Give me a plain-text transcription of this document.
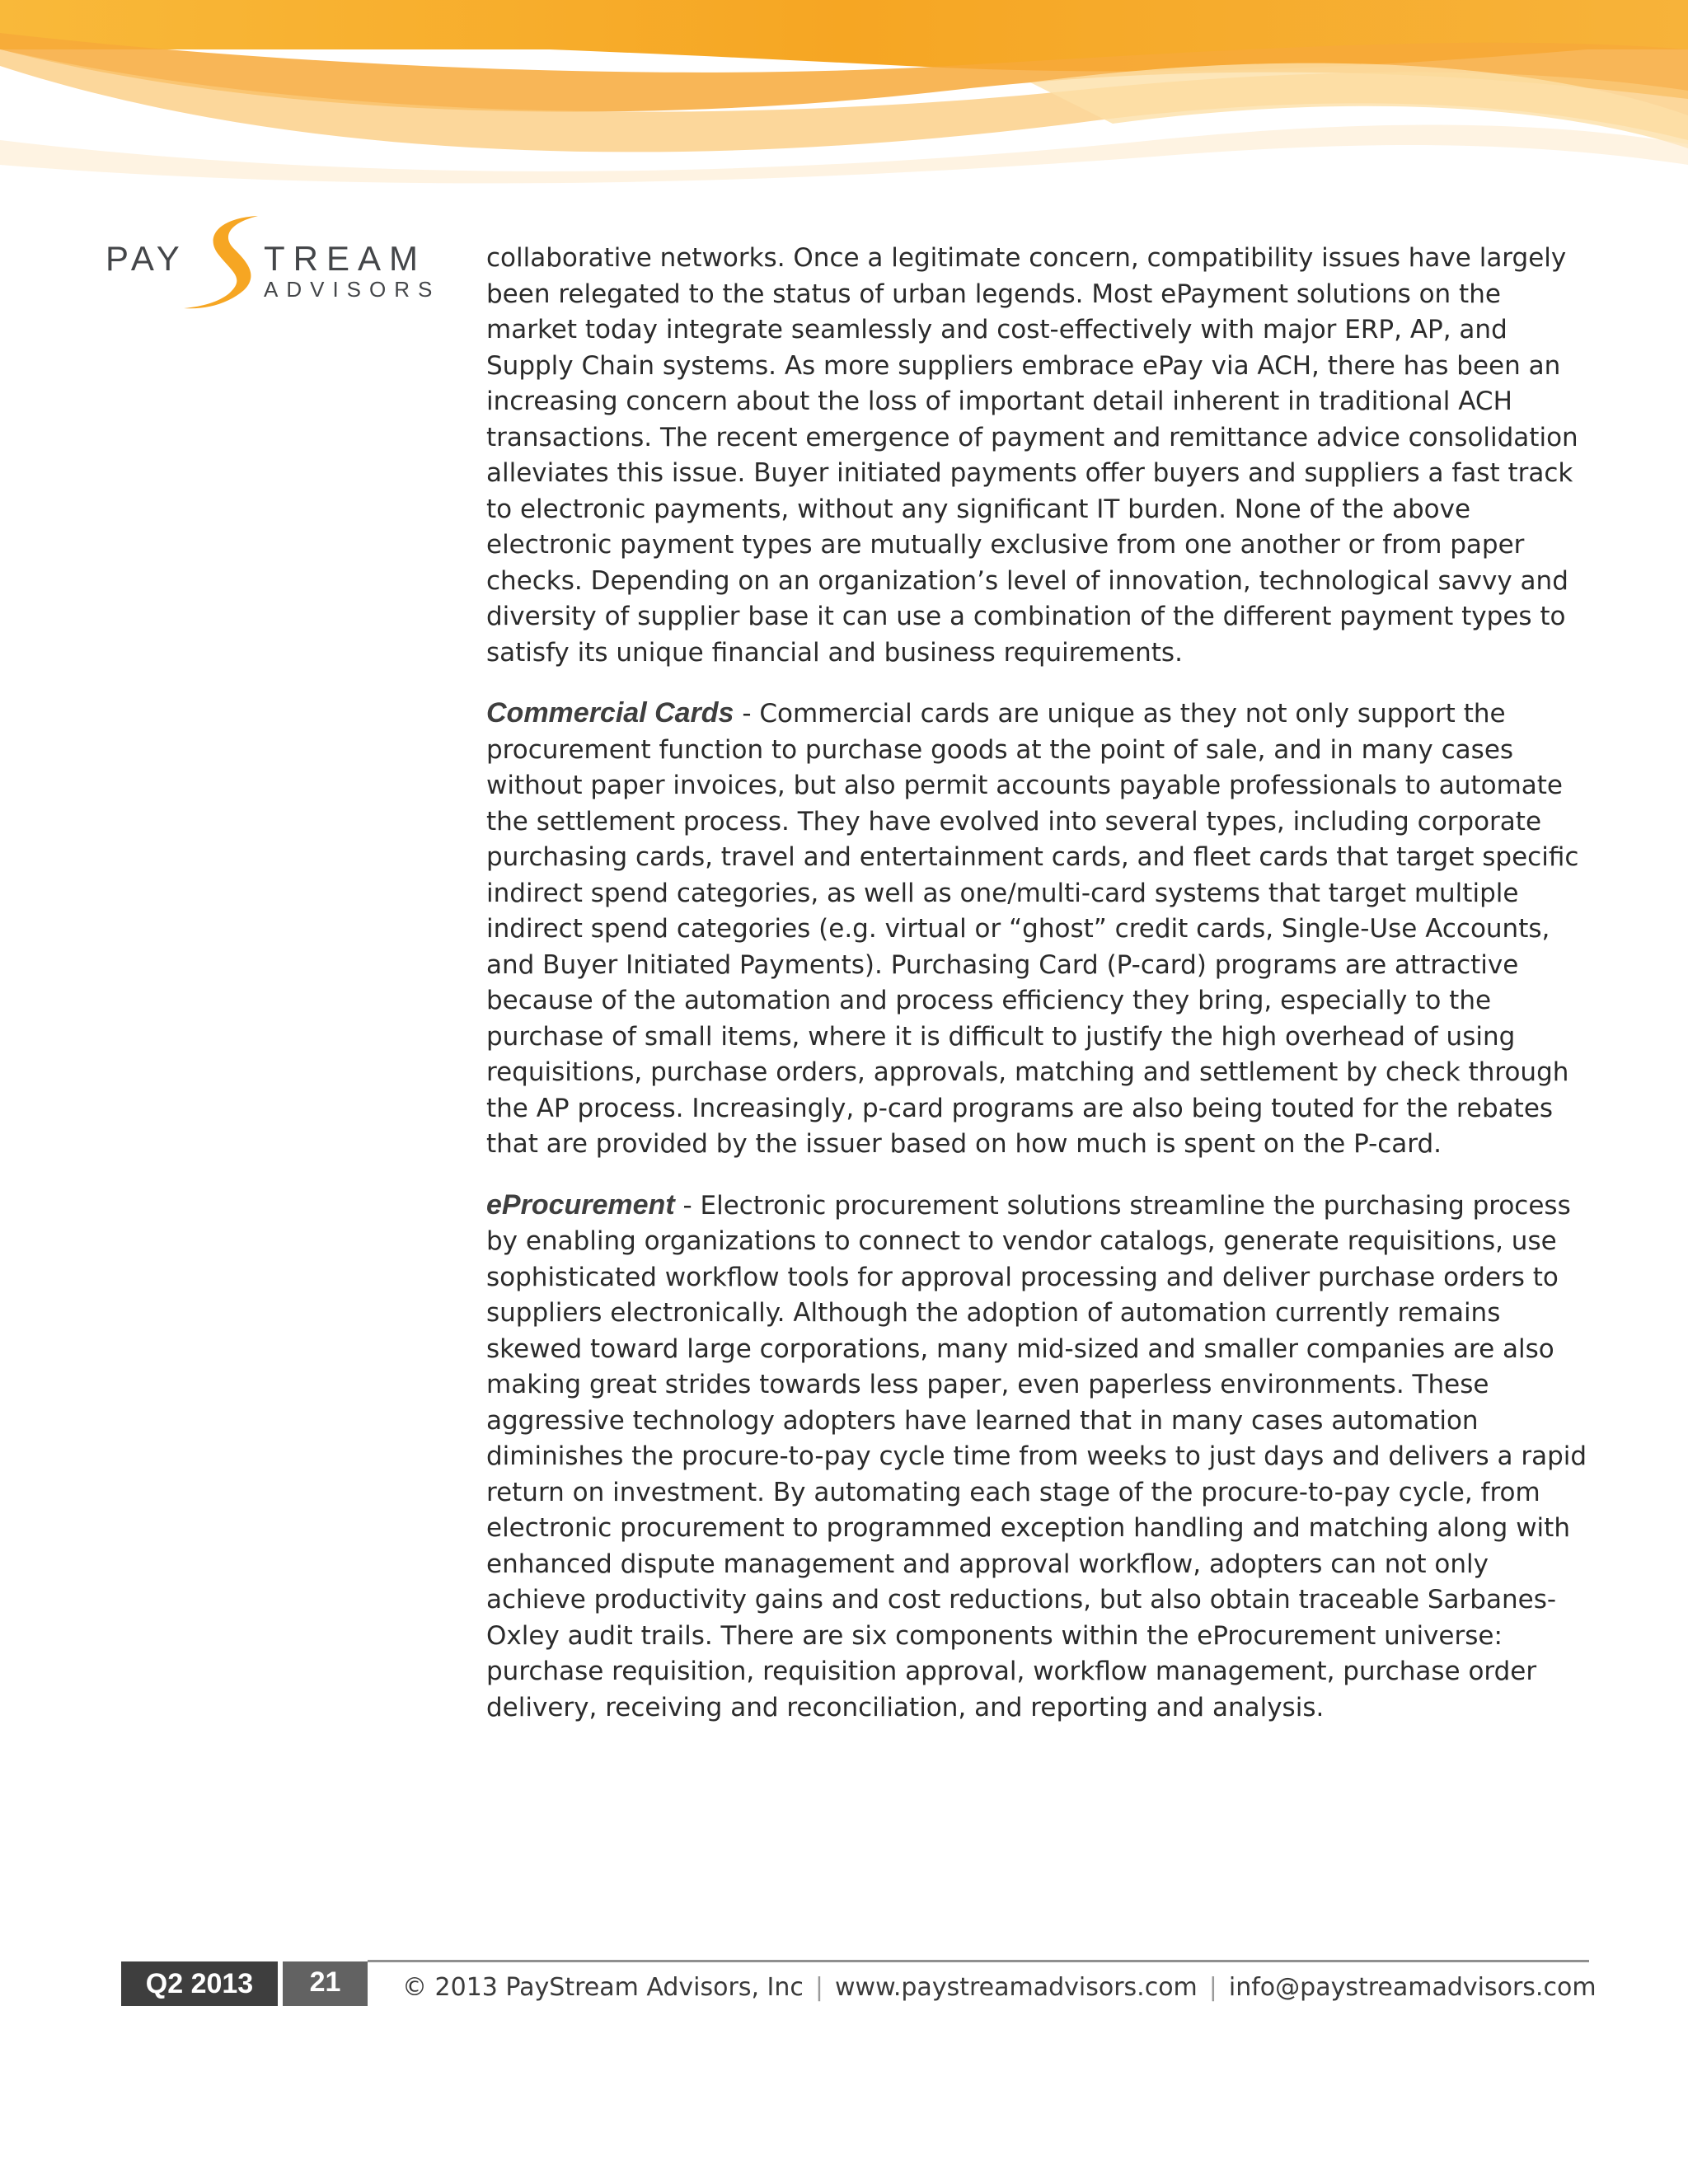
PAY TREAM
ADVISORS

collaborative networks. Once a legitimate concern, compatibility issues have largely been relegated to the status of urban legends. Most ePayment solutions on the market today integrate seamlessly and cost-effectively with major ERP, AP, and Supply Chain systems. As more suppliers embrace ePay via ACH, there has been an increasing concern about the loss of important detail inherent in traditional ACH transactions. The recent emergence of payment and remittance advice consolidation alleviates this issue. Buyer initiated payments offer buyers and suppliers a fast track to electronic payments, without any significant IT burden. None of the above electronic payment types are mutually exclusive from one another or from paper checks. Depending on an organization’s level of innovation, technological savvy and diversity of supplier base it can use a combination of the different payment types to satisfy its unique financial and business requirements.

Commercial Cards - Commercial cards are unique as they not only support the procurement function to purchase goods at the point of sale, and in many cases without paper invoices, but also permit accounts payable professionals to automate the settlement process. They have evolved into several types, including corporate purchasing cards, travel and entertainment cards, and fleet cards that target specific indirect spend categories, as well as one/multi-card systems that target multiple indirect spend categories (e.g. virtual or “ghost” credit cards, Single-Use Accounts, and Buyer Initiated Payments). Purchasing Card (P-card) programs are attractive because of the automation and process efficiency they bring, especially to the purchase of small items, where it is difficult to justify the high overhead of using requisitions, purchase orders, approvals, matching and settlement by check through the AP process. Increasingly, p-card programs are also being touted for the rebates that are provided by the issuer based on how much is spent on the P-card.

eProcurement - Electronic procurement solutions streamline the purchasing process by enabling organizations to connect to vendor catalogs, generate requisitions, use sophisticated workflow tools for approval processing and deliver purchase orders to suppliers electronically. Although the adoption of automation currently remains skewed toward large corporations, many mid-sized and smaller companies are also making great strides towards less paper, even paperless environments. These aggressive technology adopters have learned that in many cases automation diminishes the procure-to-pay cycle time from weeks to just days and delivers a rapid return on investment. By automating each stage of the procure-to-pay cycle, from electronic procurement to programmed exception handling and matching along with enhanced dispute management and approval workflow, adopters can not only achieve productivity gains and cost reductions, but also obtain traceable Sarbanes-Oxley audit trails. There are six components within the eProcurement universe: purchase requisition, requisition approval, workflow management, purchase order delivery, receiving and reconciliation, and reporting and analysis.

Q2 2013	21	© 2013 PayStream Advisors, Inc | www.paystreamadvisors.com | info@paystreamadvisors.com
